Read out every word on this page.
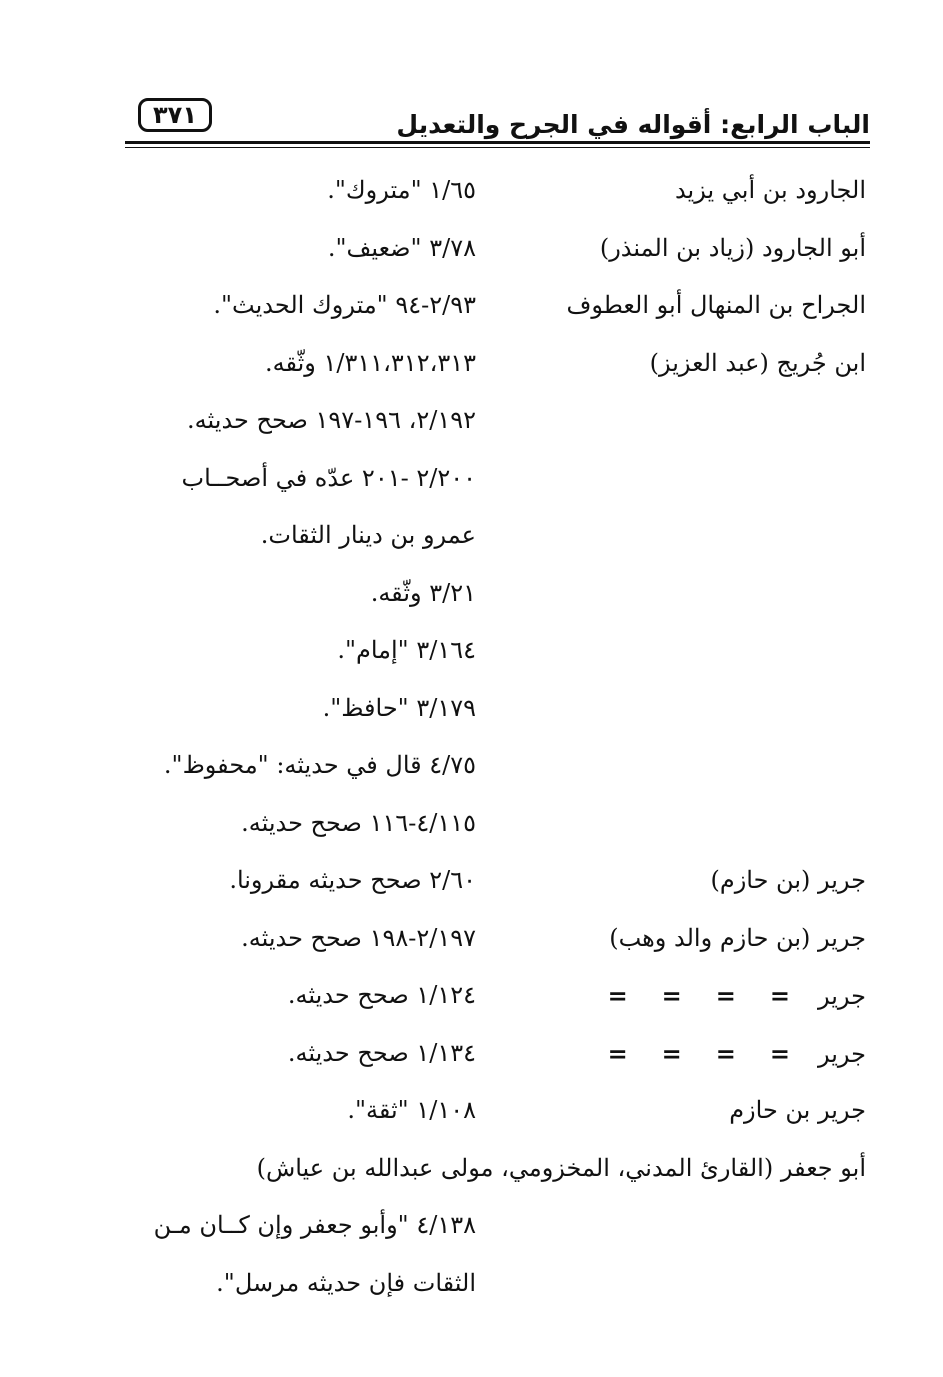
٣٧١	الباب الرابع: أقواله في الجرح والتعديل
الجارود بن أبي يزيد
١/٦٥ "متروك".
أبو الجارود (زياد بن المنذر)
٣/٧٨ "ضعيف".
الجراح بن المنهال أبو العطوف
٢/٩٣-٩٤ "متروك الحديث".
ابن جُريج (عبد العزيز)
١/٣١١،٣١٢،٣١٣ وثّقه.
٢/١٩٢، ١٩٦-١٩٧ صحح حديثه.
٢/٢٠٠ -٢٠١ عدّه في أصحــاب
عمرو بن دينار الثقات.
٣/٢١ وثّقه.
٣/١٦٤ "إمام".
٣/١٧٩ "حافظ".
٤/٧٥ قال في حديثه: "محفوظ".
٤/١١٥-١١٦ صحح حديثه.
جرير (بن حازم)
٢/٦٠ صحح حديثه مقرونا.
جرير (بن حازم والد وهب)
٢/١٩٧-١٩٨ صحح حديثه.
جرير====
١/١٢٤ صحح حديثه.
جرير====
١/١٣٤ صحح حديثه.
جرير بن حازم
١/١٠٨ "ثقة".
أبو جعفر (القارئ المدني، المخزومي، مولى عبدالله بن عياش)
٤/١٣٨ "وأبو جعفر وإن كــان مـن
الثقات فإن حديثه مرسل".
